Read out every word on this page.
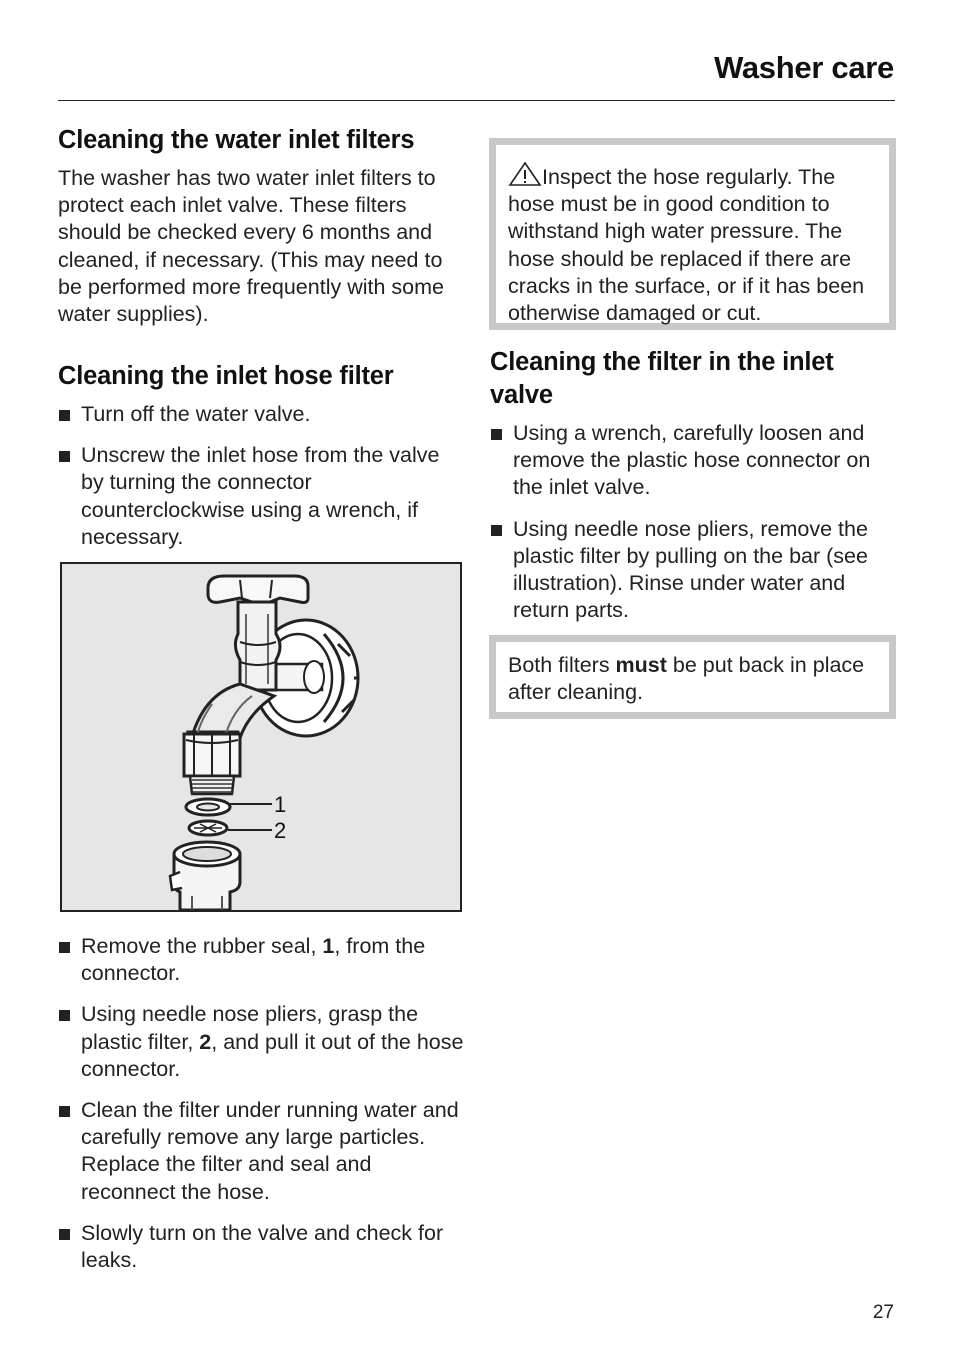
Washer care
Cleaning the water inlet filters

The washer has two water inlet filters to protect each inlet valve. These filters should be checked every 6 months and cleaned, if necessary. (This may need to be performed more frequently with some water supplies).

Cleaning the inlet hose filter
Turn off the water valve.
Unscrew the inlet hose from the valve by turning the connector counterclockwise using a wrench, if necessary.
1
2
Remove the rubber seal, 1, from the connector.
Using needle nose pliers, grasp the plastic filter, 2, and pull it out of the hose connector.
Clean the filter under running water and carefully remove any large particles. Replace the filter and seal and reconnect the hose.
Slowly turn on the valve and check for leaks.
Inspect the hose regularly. The hose must be in good condition to withstand high water pressure. The hose should be replaced if there are cracks in the surface, or if it has been otherwise damaged or cut.
Cleaning the filter in the inlet valve
Using a wrench, carefully loosen and remove the plastic hose connector on the inlet valve.
Using needle nose pliers, remove the plastic filter by pulling on the bar (see illustration). Rinse under water and return parts.
Both filters must be put back in place after cleaning.
27
